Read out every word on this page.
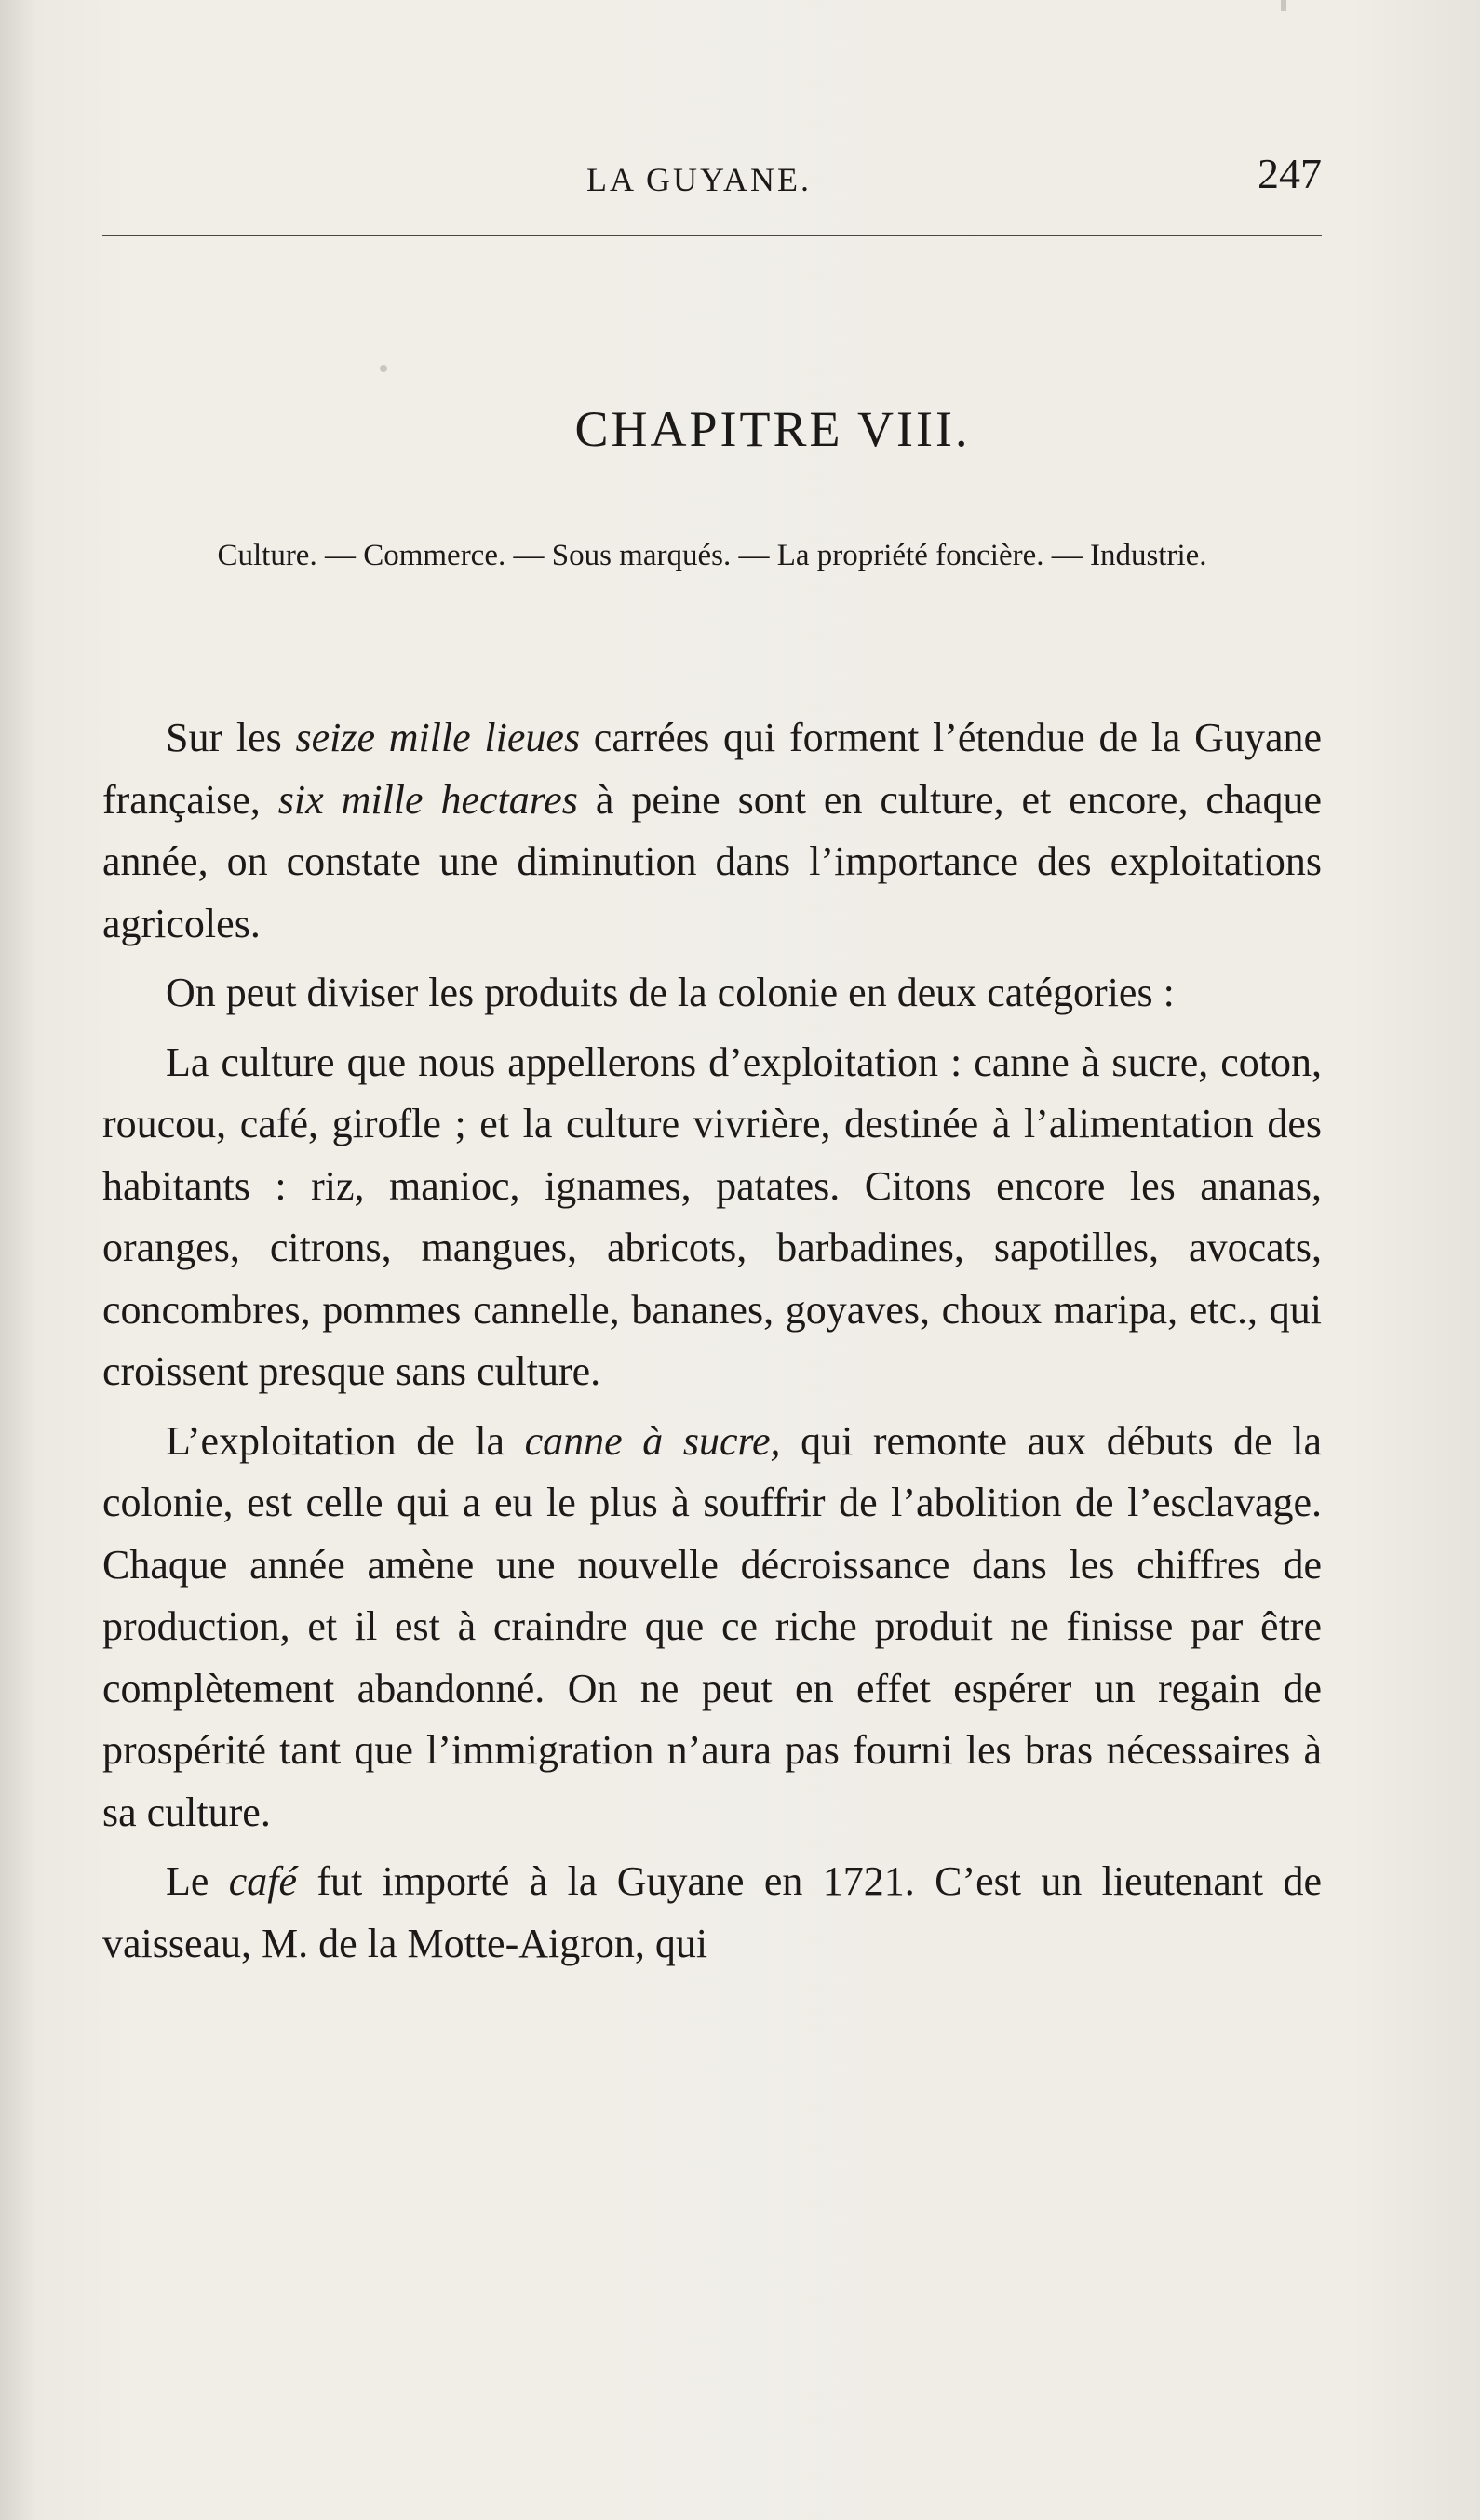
LA GUYANE.	247
CHAPITRE VIII.
Culture. — Commerce. — Sous marqués. — La propriété foncière. — Industrie.

Sur les seize mille lieues carrées qui forment l’étendue de la Guyane française, six mille hectares à peine sont en culture, et encore, chaque année, on constate une diminution dans l’importance des exploitations agricoles.

On peut diviser les produits de la colonie en deux catégories :

La culture que nous appellerons d’exploitation : canne à sucre, coton, roucou, café, girofle ; et la culture vivrière, destinée à l’alimentation des habitants : riz, manioc, ignames, patates. Citons encore les ananas, oranges, citrons, mangues, abricots, barbadines, sapotilles, avocats, concombres, pommes cannelle, bananes, goyaves, choux maripa, etc., qui croissent presque sans culture.

L’exploitation de la canne à sucre, qui remonte aux débuts de la colonie, est celle qui a eu le plus à souffrir de l’abolition de l’esclavage. Chaque année amène une nouvelle décroissance dans les chiffres de production, et il est à craindre que ce riche produit ne finisse par être complètement abandonné. On ne peut en effet espérer un regain de prospérité tant que l’immigration n’aura pas fourni les bras nécessaires à sa culture.

Le café fut importé à la Guyane en 1721. C’est un lieutenant de vaisseau, M. de la Motte-Aigron, qui
